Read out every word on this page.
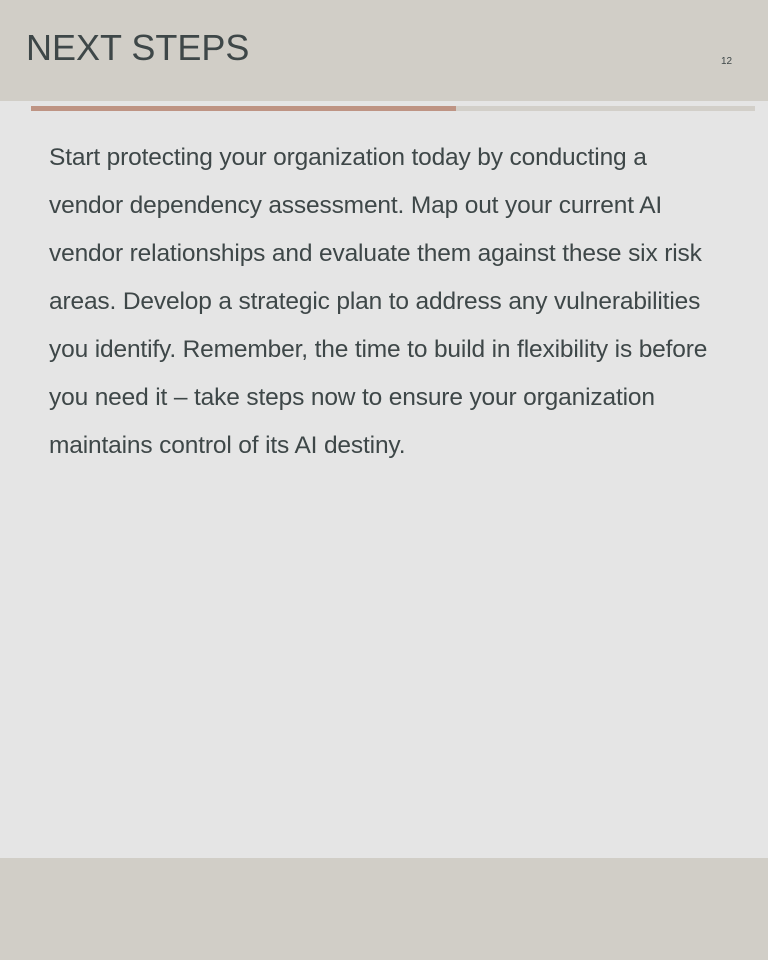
NEXT STEPS	12

Start protecting your organization today by conducting a vendor dependency assessment. Map out your current AI vendor relationships and evaluate them against these six risk areas. Develop a strategic plan to address any vulnerabilities you identify. Remember, the time to build in flexibility is before you need it – take steps now to ensure your organization maintains control of its AI destiny.
